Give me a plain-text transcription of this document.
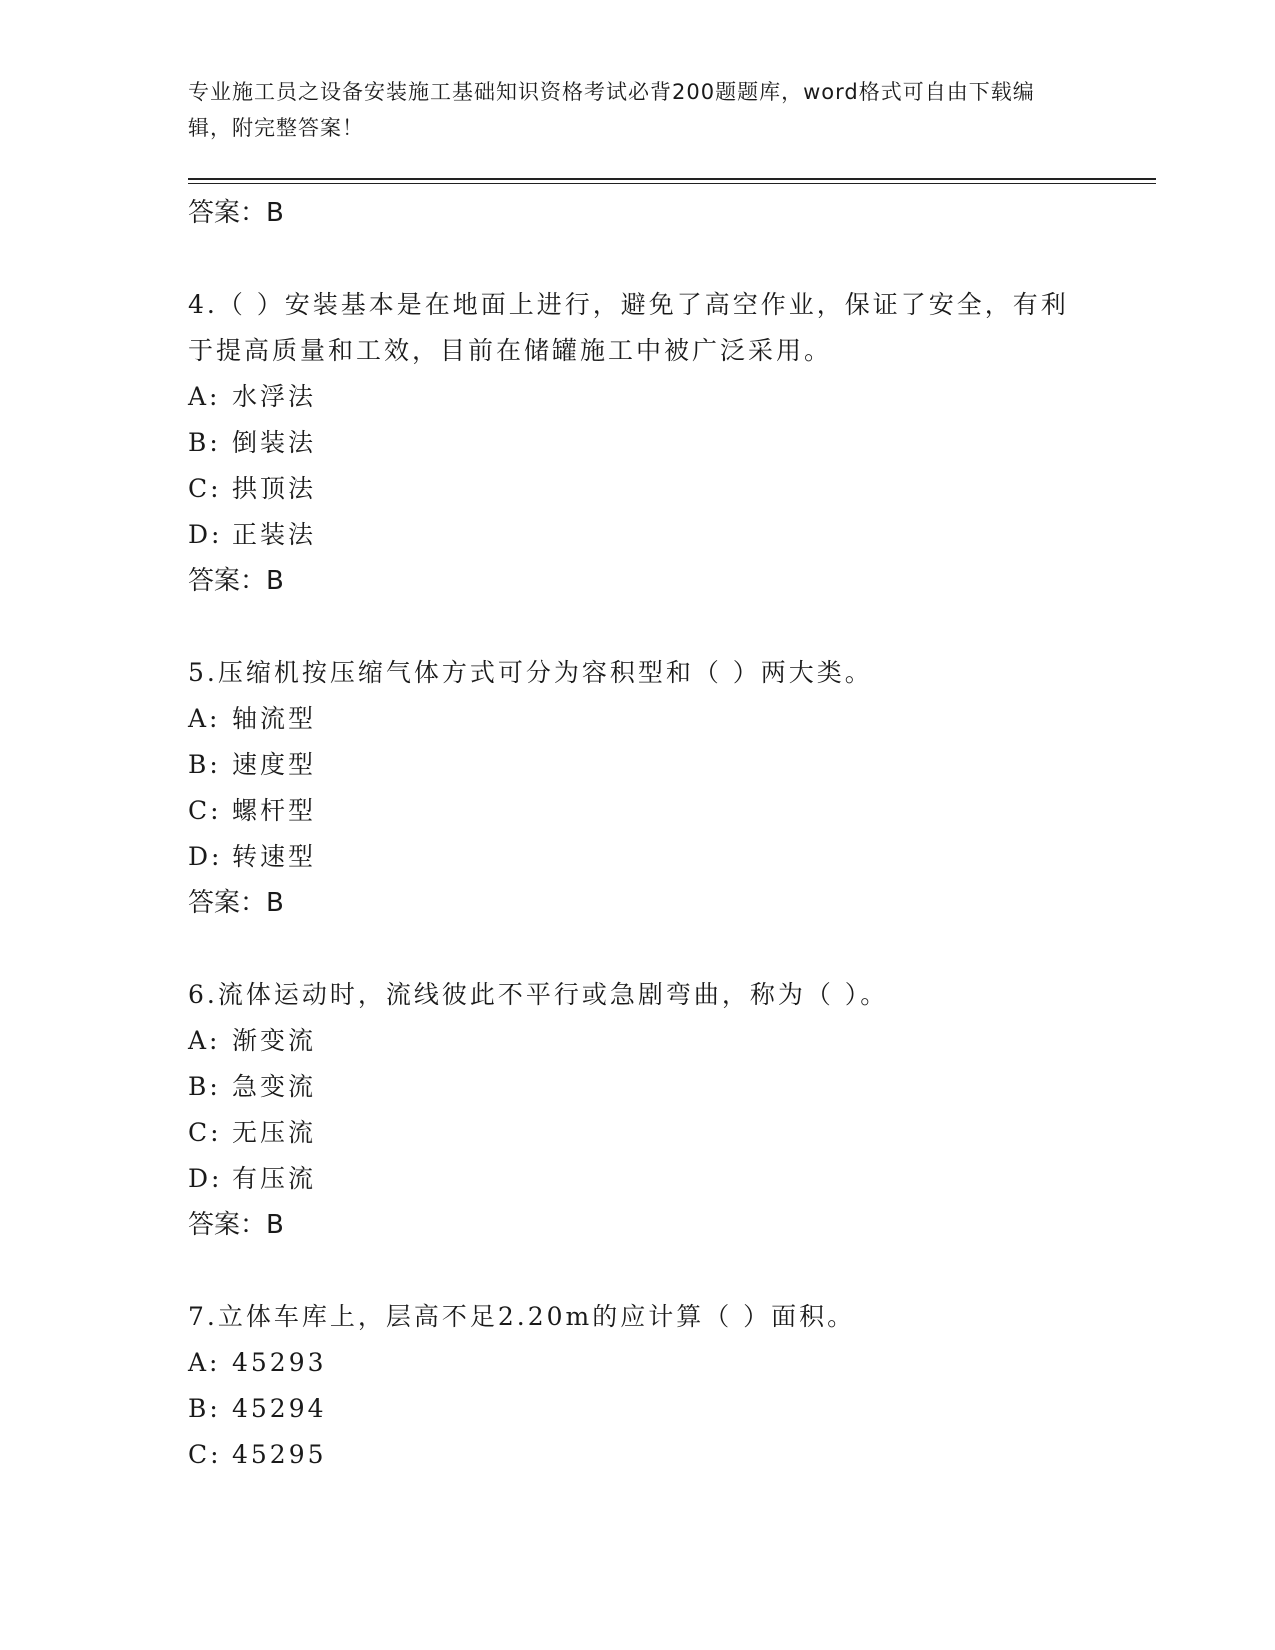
专业施工员之设备安装施工基础知识资格考试必背200题题库，word格式可自由下载编辑，附完整答案！
答案：B
4.（ ）安装基本是在地面上进行，避免了高空作业，保证了安全，有利于提高质量和工效，目前在储罐施工中被广泛采用。
A: 水浮法
B: 倒装法
C: 拱顶法
D: 正装法
答案：B
5.压缩机按压缩气体方式可分为容积型和（ ）两大类。
A: 轴流型
B: 速度型
C: 螺杆型
D: 转速型
答案：B
6.流体运动时，流线彼此不平行或急剧弯曲，称为（ ）。
A: 渐变流
B: 急变流
C: 无压流
D: 有压流
答案：B
7.立体车库上，层高不足2.20m的应计算（ ）面积。
A: 45293
B: 45294
C: 45295
